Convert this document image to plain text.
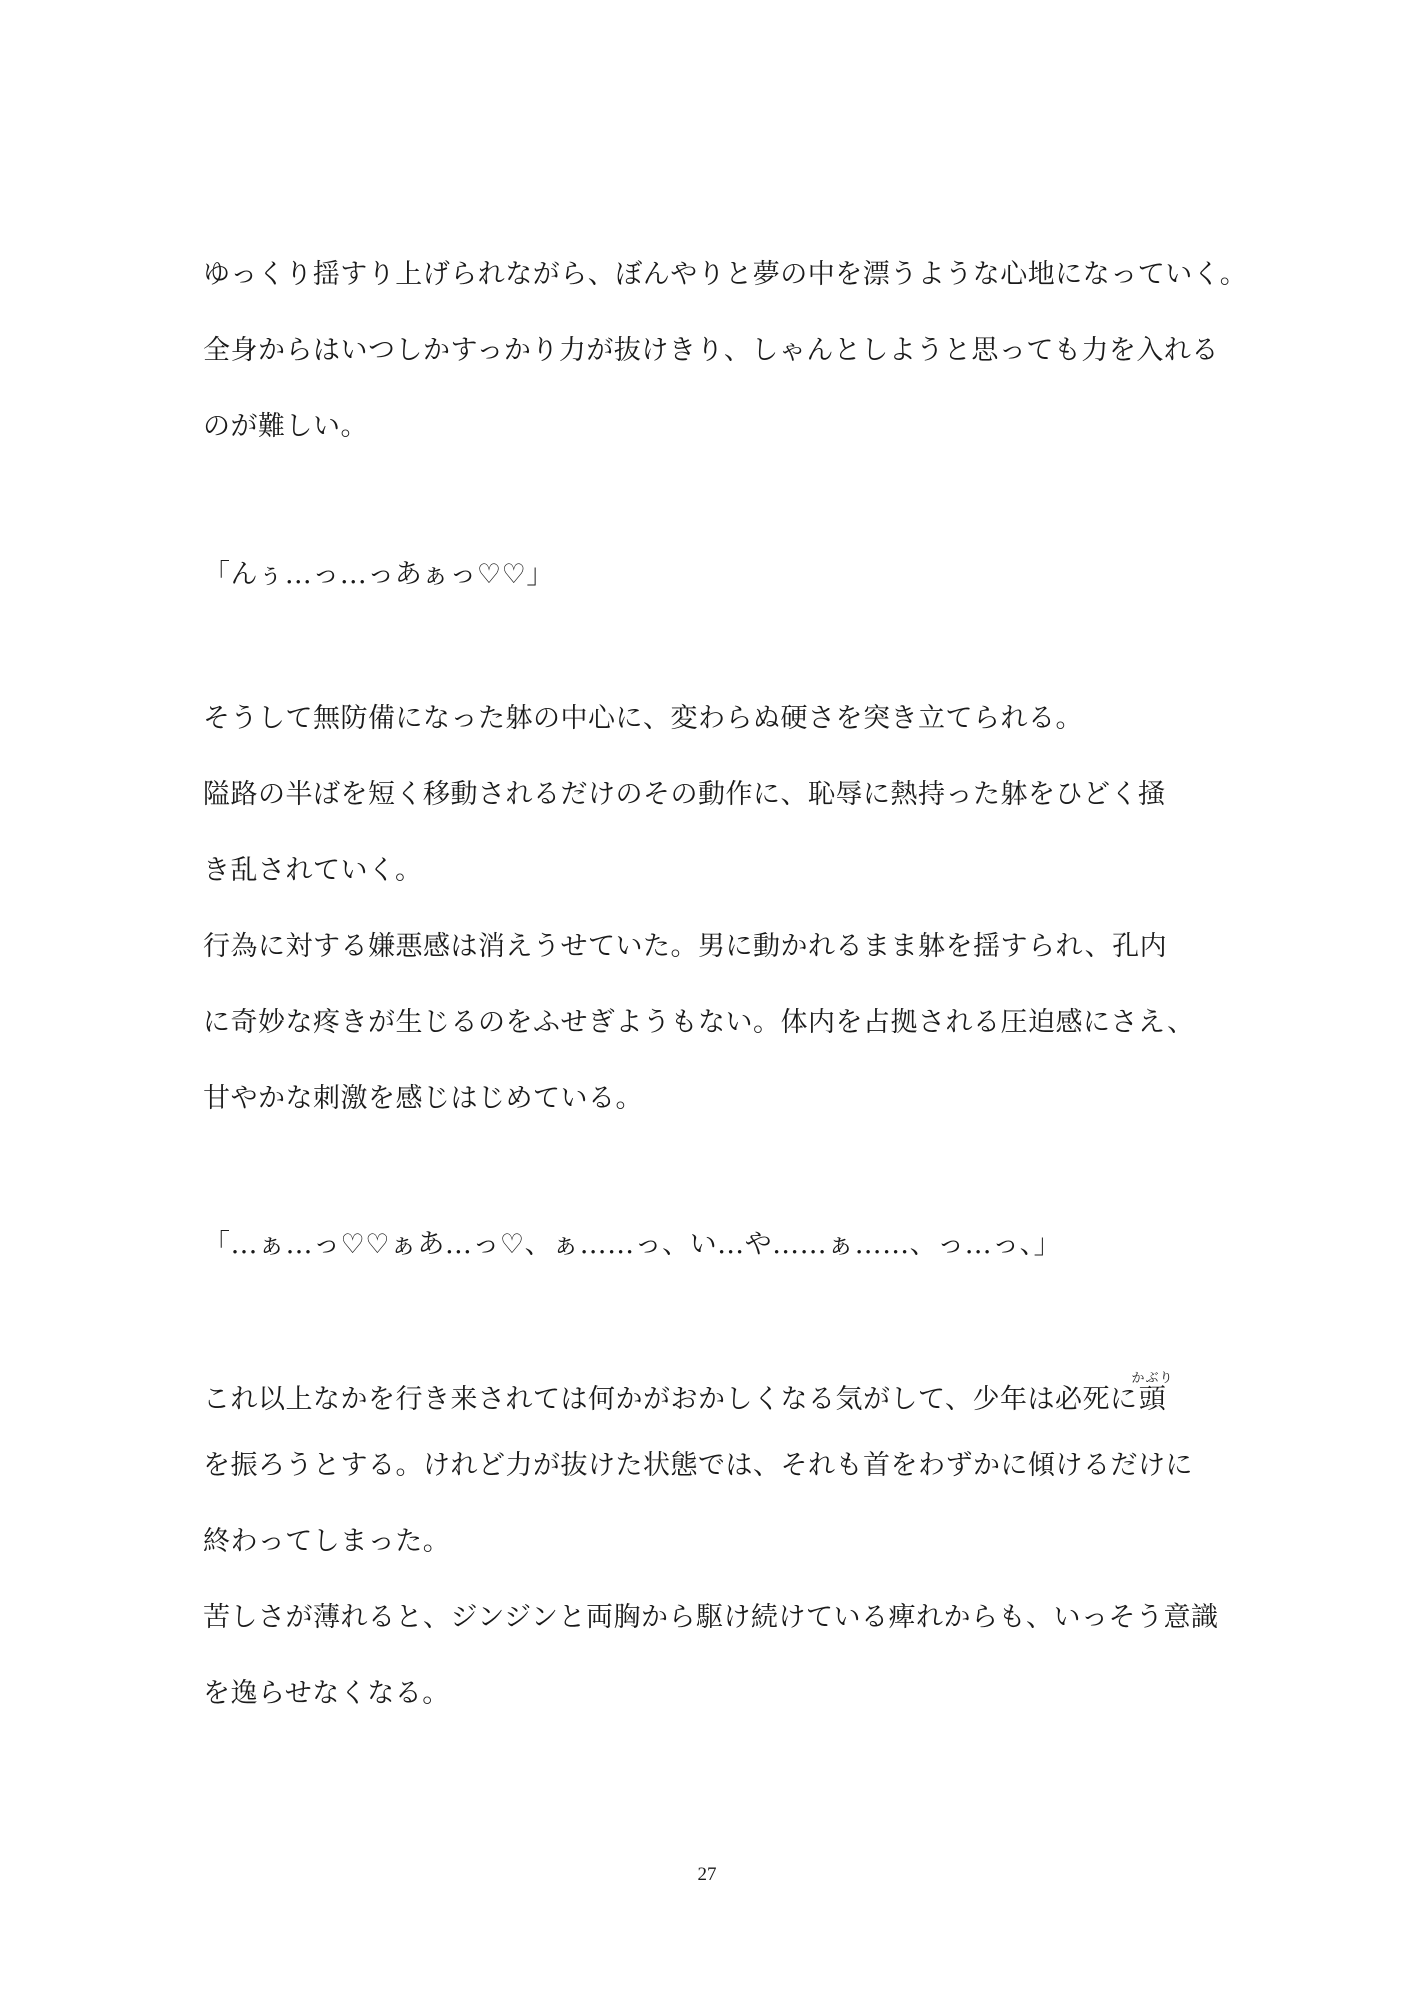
ゆっくり揺すり上げられながら、ぼんやりと夢の中を漂うような心地になっていく。
全身からはいつしかすっかり力が抜けきり、しゃんとしようと思っても力を入れる
のが難しい。
「んぅ…っ…っあぁっ♡♡」
そうして無防備になった躰の中心に、変わらぬ硬さを突き立てられる。
隘路の半ばを短く移動されるだけのその動作に、恥辱に熱持った躰をひどく掻
き乱されていく。
行為に対する嫌悪感は消えうせていた。男に動かれるまま躰を揺すられ、孔内
に奇妙な疼きが生じるのをふせぎようもない。体内を占拠される圧迫感にさえ、
甘やかな刺激を感じはじめている。
「…ぁ…っ♡♡ぁあ…っ♡、ぁ……っ、い…や……ぁ……、っ…っ、」
これ以上なかを行き来されては何かがおかしくなる気がして、少年は必死に頭かぶり
を振ろうとする。けれど力が抜けた状態では、それも首をわずかに傾けるだけに
終わってしまった。
苦しさが薄れると、ジンジンと両胸から駆け続けている痺れからも、いっそう意識
を逸らせなくなる。
27
